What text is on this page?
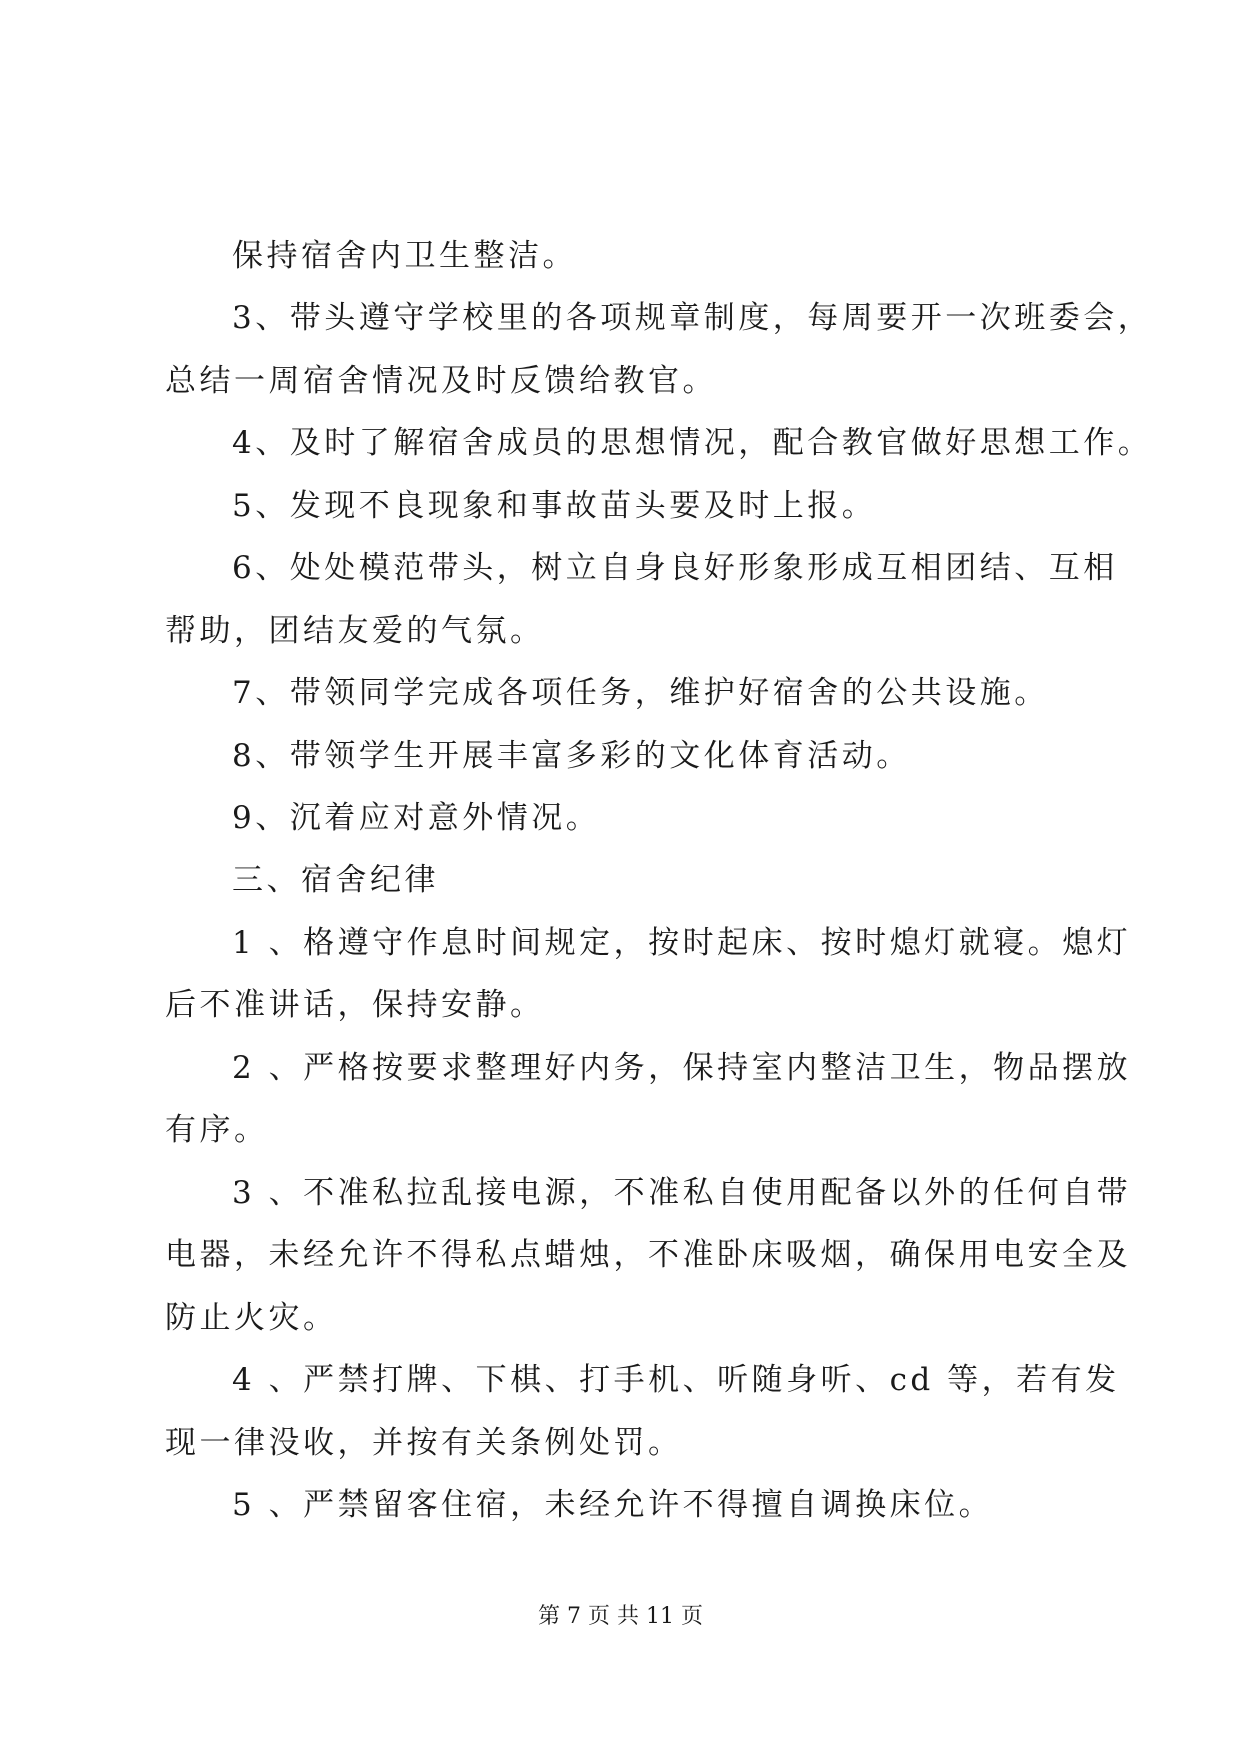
保持宿舍内卫生整洁。
3、带头遵守学校里的各项规章制度，每周要开一次班委会，
总结一周宿舍情况及时反馈给教官。
4、及时了解宿舍成员的思想情况，配合教官做好思想工作。
5、发现不良现象和事故苗头要及时上报。
6、处处模范带头，树立自身良好形象形成互相团结、互相
帮助，团结友爱的气氛。
7、带领同学完成各项任务，维护好宿舍的公共设施。
8、带领学生开展丰富多彩的文化体育活动。
9、沉着应对意外情况。
三、宿舍纪律
1 、格遵守作息时间规定，按时起床、按时熄灯就寝。熄灯
后不准讲话，保持安静。
2 、严格按要求整理好内务，保持室内整洁卫生，物品摆放
有序。
3 、不准私拉乱接电源，不准私自使用配备以外的任何自带
电器，未经允许不得私点蜡烛，不准卧床吸烟，确保用电安全及
防止火灾。
4 、严禁打牌、下棋、打手机、听随身听、cd 等，若有发
现一律没收，并按有关条例处罚。
5 、严禁留客住宿，未经允许不得擅自调换床位。
第 7 页 共 11 页
